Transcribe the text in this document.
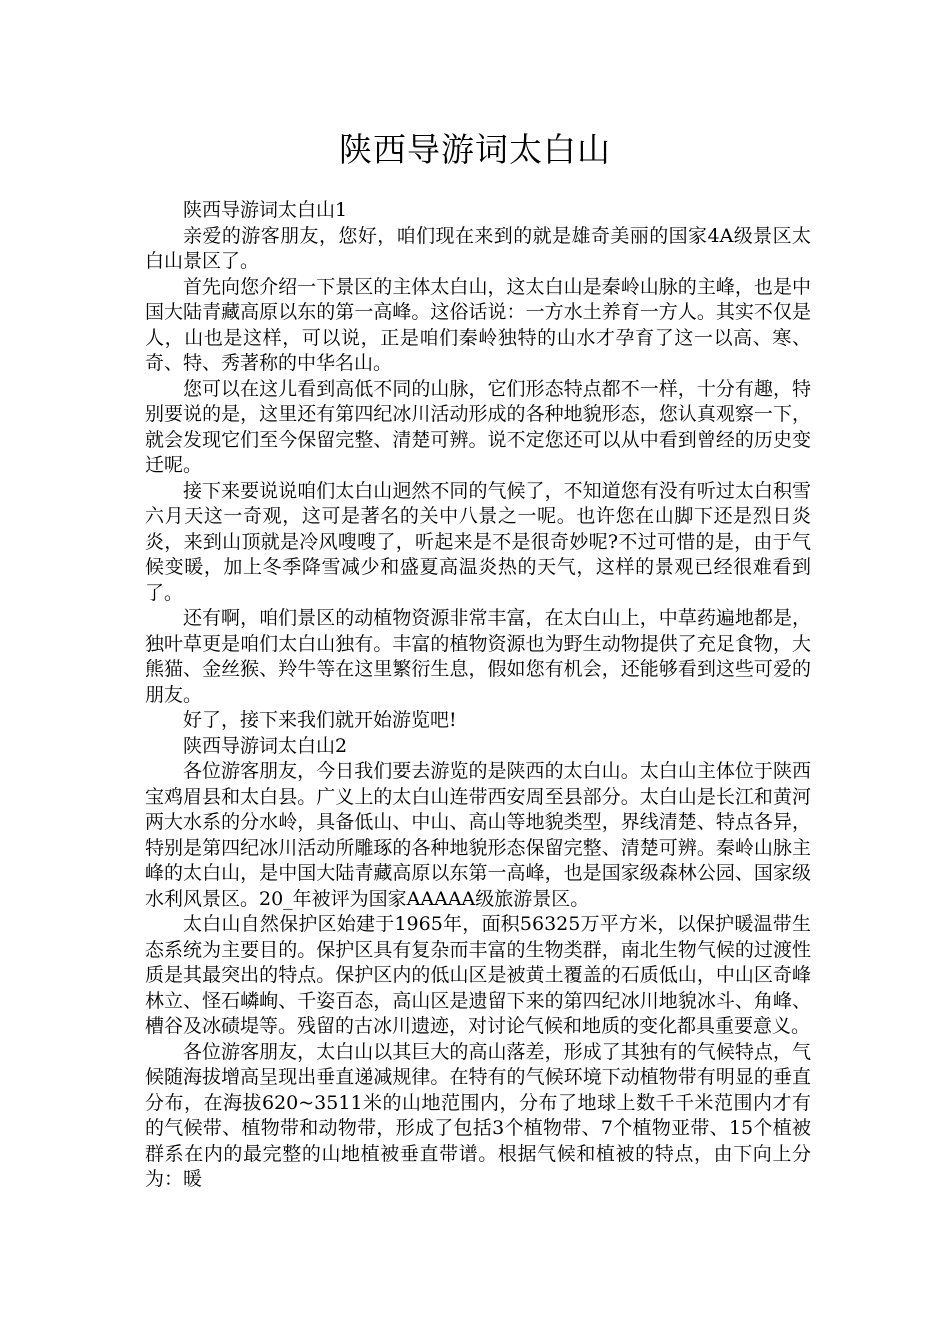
陕西导游词太白山

陕西导游词太白山1

亲爱的游客朋友，您好，咱们现在来到的就是雄奇美丽的国家4A级景区太白山景区了。

首先向您介绍一下景区的主体太白山，这太白山是秦岭山脉的主峰，也是中国大陆青藏高原以东的第一高峰。这俗话说：一方水土养育一方人。其实不仅是人，山也是这样，可以说，正是咱们秦岭独特的山水才孕育了这一以高、寒、奇、特、秀著称的中华名山。

您可以在这儿看到高低不同的山脉，它们形态特点都不一样，十分有趣，特别要说的是，这里还有第四纪冰川活动形成的各种地貌形态，您认真观察一下，就会发现它们至今保留完整、清楚可辨。说不定您还可以从中看到曾经的历史变迁呢。

接下来要说说咱们太白山迥然不同的气候了，不知道您有没有听过太白积雪六月天这一奇观，这可是著名的关中八景之一呢。也许您在山脚下还是烈日炎炎，来到山顶就是冷风嗖嗖了，听起来是不是很奇妙呢?不过可惜的是，由于气候变暖，加上冬季降雪减少和盛夏高温炎热的天气，这样的景观已经很难看到了。

还有啊，咱们景区的动植物资源非常丰富，在太白山上，中草药遍地都是，独叶草更是咱们太白山独有。丰富的植物资源也为野生动物提供了充足食物，大熊猫、金丝猴、羚牛等在这里繁衍生息，假如您有机会，还能够看到这些可爱的朋友。

好了，接下来我们就开始游览吧!

陕西导游词太白山2

各位游客朋友，今日我们要去游览的是陕西的太白山。太白山主体位于陕西宝鸡眉县和太白县。广义上的太白山连带西安周至县部分。太白山是长江和黄河两大水系的分水岭，具备低山、中山、高山等地貌类型，界线清楚、特点各异，特别是第四纪冰川活动所雕琢的各种地貌形态保留完整、清楚可辨。秦岭山脉主峰的太白山，是中国大陆青藏高原以东第一高峰，也是国家级森林公园、国家级水利风景区。20_年被评为国家AAAAA级旅游景区。

太白山自然保护区始建于1965年，面积56325万平方米，以保护暖温带生态系统为主要目的。保护区具有复杂而丰富的生物类群，南北生物气候的过渡性质是其最突出的特点。保护区内的低山区是被黄土覆盖的石质低山，中山区奇峰林立、怪石嶙峋、千姿百态，高山区是遗留下来的第四纪冰川地貌冰斗、角峰、槽谷及冰碛堤等。残留的古冰川遗迹，对讨论气候和地质的变化都具重要意义。

各位游客朋友，太白山以其巨大的高山落差，形成了其独有的气候特点，气候随海拔增高呈现出垂直递减规律。在特有的气候环境下动植物带有明显的垂直分布，在海拔620~3511米的山地范围内，分布了地球上数千千米范围内才有的气候带、植物带和动物带，形成了包括3个植物带、7个植物亚带、15个植被群系在内的最完整的山地植被垂直带谱。根据气候和植被的特点，由下向上分为：暖
